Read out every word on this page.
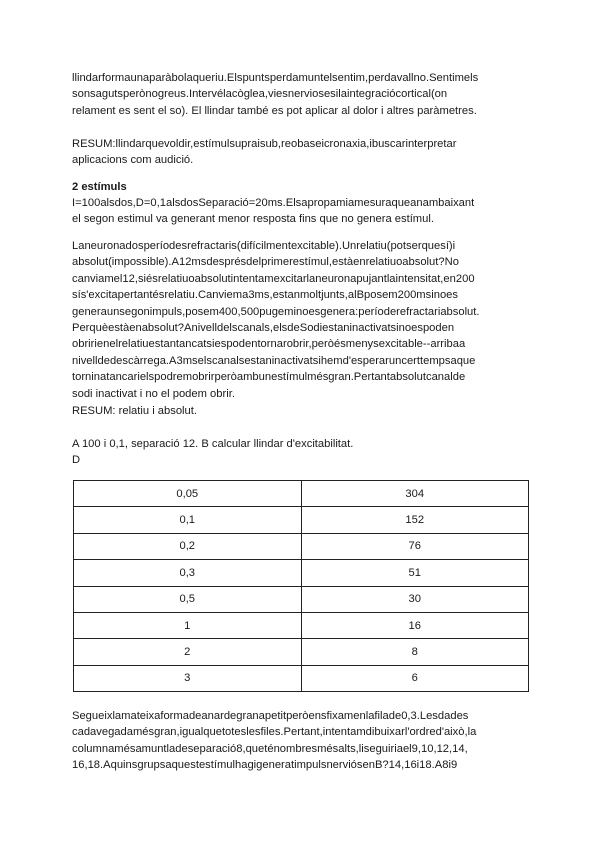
llindarformaunaparàbolaqueriu.Elspuntsperdamuntelsentim,perdavallno.Sentimels
sonsagutsperònogreus.Intervélacòglea,viesnerviosesilaintegraciócortical(on
relament es sent el so). El llindar també es pot aplicar al dolor i altres paràmetres.
RESUM:llindarquevoldir,estímulsupraisub,reobaseicronaxia,ibuscarinterpretar
aplicacions com audició.
2 estímuls
I=100alsdos,D=0,1alsdosSeparació=20ms.Elsapropamiamesuraqueanambaixant
el segon estimul va generant menor resposta fins que no genera estímul.
Laneuronadosperíodesrefractaris(difícilmentexcitable).Unrelatiu(potserquesí)i
absolut(impossible).A12msdesprésdelprimerestímul,estàenrelatiuoabsolut?No
canviamel12,siésrelatiuoabsolutintentamexcitarlaneuronapujantlaintensitat,en200
sís'excitapertantésrelatiu.Canviema3ms,estanmoltjunts,alBposem200msinoes
generaunsegonimpuls,posem400,500pugeminoesgenera:períoderefractariabsolut.
Perquèestàenabsolut?Anivelldelscanals,elsdeSodiestaninactivatsinoespoden
obririenelrelatiuestantancatsiespodentornarobrir,peròésmenysexcitable--arribaa
nivelldedescàrrega.A3mselscanalsestaninactivatsihemd'esperaruncerttempsaque
torninatancarielspodremobrirperòambunestímulmésgran.Pertantabsolutcanalde
sodi inactivat i no el podem obrir.
RESUM: relatiu i absolut.
A 100 i 0,1, separació 12. B calcular llindar d'excitabilitat.
D
0,05	304
0,1	152
0,2	76
0,3	51
0,5	30
1	16
2	8
3	6
Segueixlamateixaformadeanardegranapetitperòensfixamenlafilade0,3.Lesdades
cadavegadamésgran,igualquetoteslesfiles.Pertant,intentamdibuixarl'ordred'això,la
columnamésamuntladeseparació8,queténombresmésalts,liseguiriael9,10,12,14,
16,18.AquinsgrupsaquestestímulhagigeneratimpulsnerviósenB?14,16i18.A8i9
